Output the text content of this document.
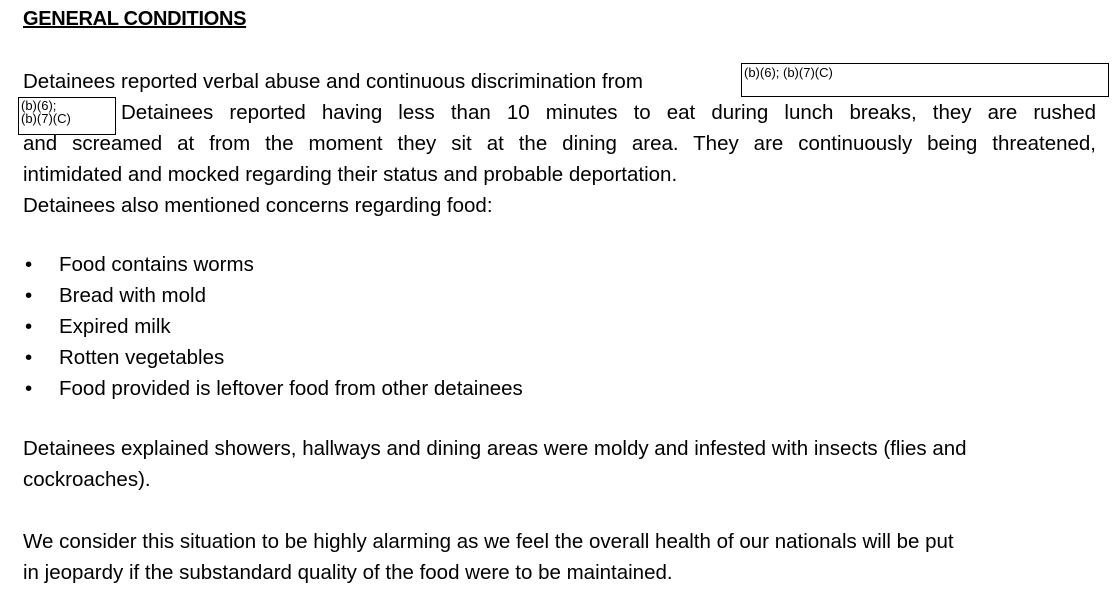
GENERAL CONDITIONS
Detainees reported verbal abuse and continuous discrimination from	(b)(6); (b)(7)(C)
Detainees reported having less than 10 minutes to eat during lunch breaks, they are rushed
(b)(6);
(b)(7)(C)
and screamed at from the moment they sit at the dining area. They are continuously being threatened,
intimidated and mocked regarding their status and probable deportation.
Detainees also mentioned concerns regarding food:
• Food contains worms
• Bread with mold
• Expired milk
• Rotten vegetables
• Food provided is leftover food from other detainees
Detainees explained showers, hallways and dining areas were moldy and infested with insects (flies and
cockroaches).
We consider this situation to be highly alarming as we feel the overall health of our nationals will be put
in jeopardy if the substandard quality of the food were to be maintained.
